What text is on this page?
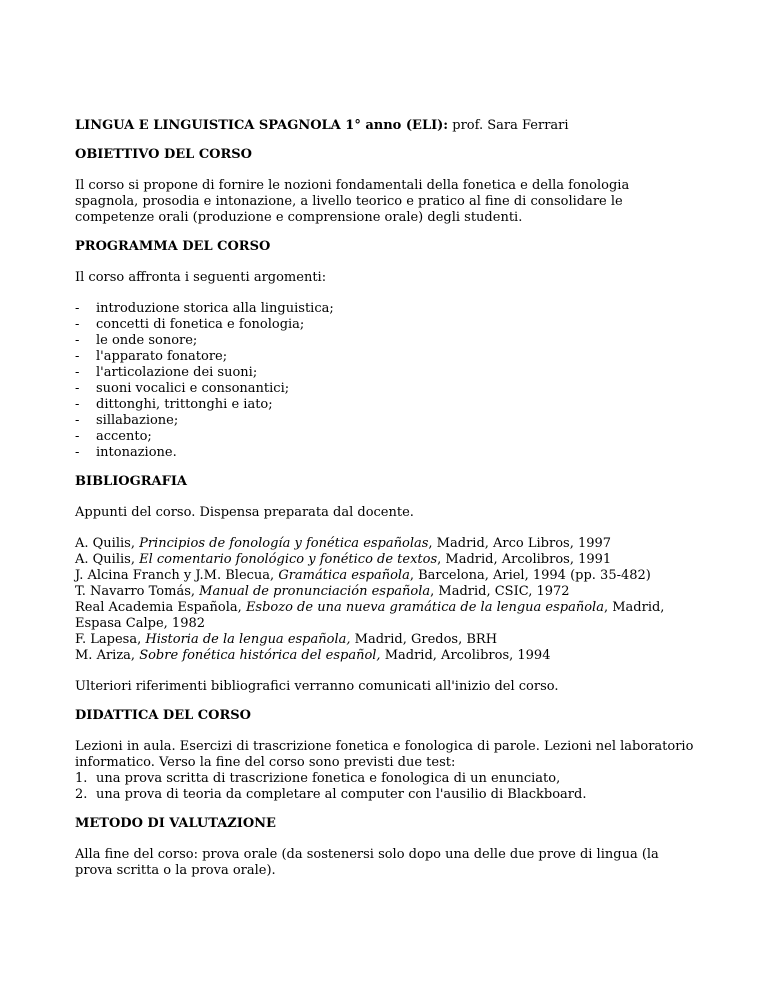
LINGUA E LINGUISTICA SPAGNOLA 1° anno (ELI): prof. Sara Ferrari
OBIETTIVO DEL CORSO
Il corso si propone di fornire le nozioni fondamentali della fonetica e della fonologia
spagnola, prosodia e intonazione, a livello teorico e pratico al fine di consolidare le
competenze orali (produzione e comprensione orale) degli studenti.
PROGRAMMA DEL CORSO
Il corso affronta i seguenti argomenti:
-	introduzione storica alla linguistica;
-	concetti di fonetica e fonologia;
-	le onde sonore;
-	l'apparato fonatore;
-	l'articolazione dei suoni;
-	suoni vocalici e consonantici;
-	dittonghi, trittonghi e iato;
-	sillabazione;
-	accento;
-	intonazione.
BIBLIOGRAFIA
Appunti del corso. Dispensa preparata dal docente.
A. Quilis, Principios de fonología y fonética españolas, Madrid, Arco Libros, 1997
A. Quilis, El comentario fonológico y fonético de textos, Madrid, Arcolibros, 1991
J. Alcina Franch y J.M. Blecua, Gramática española, Barcelona, Ariel, 1994 (pp. 35-482)
T. Navarro Tomás, Manual de pronunciación española, Madrid, CSIC, 1972
Real Academia Española, Esbozo de una nueva gramática de la lengua española, Madrid,
Espasa Calpe, 1982
F. Lapesa, Historia de la lengua española, Madrid, Gredos, BRH
M. Ariza, Sobre fonética histórica del español, Madrid, Arcolibros, 1994
Ulteriori riferimenti bibliografici verranno comunicati all'inizio del corso.
DIDATTICA DEL CORSO
Lezioni in aula. Esercizi di trascrizione fonetica e fonologica di parole. Lezioni nel laboratorio
informatico. Verso la fine del corso sono previsti due test:
1. una prova scritta di trascrizione fonetica e fonologica di un enunciato,
2. una prova di teoria da completare al computer con l'ausilio di Blackboard.
METODO DI VALUTAZIONE
Alla fine del corso: prova orale (da sostenersi solo dopo una delle due prove di lingua (la
prova scritta o la prova orale).
